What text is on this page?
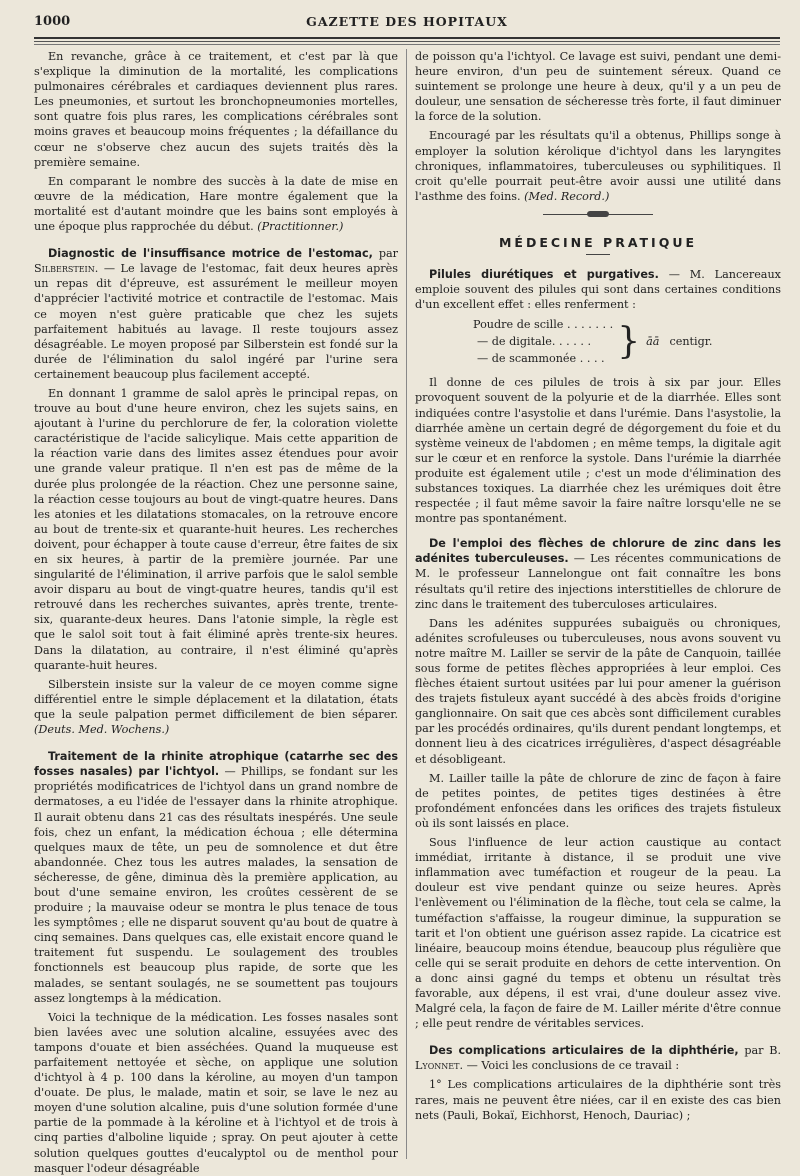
1000	GAZETTE DES HOPITAUX

En revanche, grâce à ce traitement, et c'est par là que s'explique la diminution de la mortalité, les complications pulmonaires cérébrales et cardiaques deviennent plus rares. Les pneumonies, et surtout les bronchopneumonies mortelles, sont quatre fois plus rares, les complications cérébrales sont moins graves et beaucoup moins fréquentes ; la défaillance du cœur ne s'observe chez aucun des sujets traités dès la première semaine.

En comparant le nombre des succès à la date de mise en œuvre de la médication, Hare montre également que la mortalité est d'autant moindre que les bains sont employés à une époque plus rapprochée du début. (Practitionner.)

Diagnostic de l'insuffisance motrice de l'estomac, par Silberstein. — Le lavage de l'estomac, fait deux heures après un repas dit d'épreuve, est assurément le meilleur moyen d'apprécier l'activité motrice et contractile de l'estomac. Mais ce moyen n'est guère praticable que chez les sujets parfaitement habitués au lavage. Il reste toujours assez désagréable. Le moyen proposé par Silberstein est fondé sur la durée de l'élimination du salol ingéré par l'urine sera certainement beaucoup plus facilement accepté.

En donnant 1 gramme de salol après le principal repas, on trouve au bout d'une heure environ, chez les sujets sains, en ajoutant à l'urine du perchlorure de fer, la coloration violette caractéristique de l'acide salicylique. Mais cette apparition de la réaction varie dans des limites assez étendues pour avoir une grande valeur pratique. Il n'en est pas de même de la durée plus prolongée de la réaction. Chez une personne saine, la réaction cesse toujours au bout de vingt-quatre heures. Dans les atonies et les dilatations stomacales, on la retrouve encore au bout de trente-six et quarante-huit heures. Les recherches doivent, pour échapper à toute cause d'erreur, être faites de six en six heures, à partir de la première journée. Par une singularité de l'élimination, il arrive parfois que le salol semble avoir disparu au bout de vingt-quatre heures, tandis qu'il est retrouvé dans les recherches suivantes, après trente, trente-six, quarante-deux heures. Dans l'atonie simple, la règle est que le salol soit tout à fait éliminé après trente-six heures. Dans la dilatation, au contraire, il n'est éliminé qu'après quarante-huit heures.

Silberstein insiste sur la valeur de ce moyen comme signe différentiel entre le simple déplacement et la dilatation, états que la seule palpation permet difficilement de bien séparer. (Deuts. Med. Wochens.)

Traitement de la rhinite atrophique (catarrhe sec des fosses nasales) par l'ichtyol. — Phillips, se fondant sur les propriétés modificatrices de l'ichtyol dans un grand nombre de dermatoses, a eu l'idée de l'essayer dans la rhinite atrophique. Il aurait obtenu dans 21 cas des résultats inespérés. Une seule fois, chez un enfant, la médication échoua ; elle détermina quelques maux de tête, un peu de somnolence et dut être abandonnée. Chez tous les autres malades, la sensation de sécheresse, de gêne, diminua dès la première application, au bout d'une semaine environ, les croûtes cessèrent de se produire ; la mauvaise odeur se montra le plus tenace de tous les symptômes ; elle ne disparut souvent qu'au bout de quatre à cinq semaines. Dans quelques cas, elle existait encore quand le traitement fut suspendu. Le soulagement des troubles fonctionnels est beaucoup plus rapide, de sorte que les malades, se sentant soulagés, ne se soumettent pas toujours assez longtemps à la médication.

Voici la technique de la médication. Les fosses nasales sont bien lavées avec une solution alcaline, essuyées avec des tampons d'ouate et bien asséchées. Quand la muqueuse est parfaitement nettoyée et sèche, on applique une solution d'ichtyol à 4 p. 100 dans la kéroline, au moyen d'un tampon d'ouate. De plus, le malade, matin et soir, se lave le nez au moyen d'une solution alcaline, puis d'une solution formée d'une partie de la pommade à la kéroline et à l'ichtyol et de trois à cinq parties d'alboline liquide ; spray. On peut ajouter à cette solution quelques gouttes d'eucalyptol ou de menthol pour masquer l'odeur désagréable

de poisson qu'a l'ichtyol. Ce lavage est suivi, pendant une demi-heure environ, d'un peu de suintement séreux. Quand ce suintement se prolonge une heure à deux, qu'il y a un peu de douleur, une sensation de sécheresse très forte, il faut diminuer la force de la solution.

Encouragé par les résultats qu'il a obtenus, Phillips songe à employer la solution kérolique d'ichtyol dans les laryngites chroniques, inflammatoires, tuberculeuses ou syphilitiques. Il croit qu'elle pourrait peut-être avoir aussi une utilité dans l'asthme des foins. (Med. Record.)

MÉDECINE PRATIQUE

Pilules diurétiques et purgatives. — M. Lancereaux emploie souvent des pilules qui sont dans certaines conditions d'un excellent effet : elles renferment :

Poudre de scille . . . . . . .
— de digitale. . . . . .
— de scammonée . . . . } āā centigr.

Il donne de ces pilules de trois à six par jour. Elles provoquent souvent de la polyurie et de la diarrhée. Elles sont indiquées contre l'asystolie et dans l'urémie. Dans l'asystolie, la diarrhée amène un certain degré de dégorgement du foie et du système veineux de l'abdomen ; en même temps, la digitale agit sur le cœur et en renforce la systole. Dans l'urémie la diarrhée produite est également utile ; c'est un mode d'élimination des substances toxiques. La diarrhée chez les urémiques doit être respectée ; il faut même savoir la faire naître lorsqu'elle ne se montre pas spontanément.

De l'emploi des flèches de chlorure de zinc dans les adénites tuberculeuses. — Les récentes communications de M. le professeur Lannelongue ont fait connaître les bons résultats qu'il retire des injections interstitielles de chlorure de zinc dans le traitement des tuberculoses articulaires.

Dans les adénites suppurées subaiguës ou chroniques, adénites scrofuleuses ou tuberculeuses, nous avons souvent vu notre maître M. Lailler se servir de la pâte de Canquoin, taillée sous forme de petites flèches appropriées à leur emploi. Ces flèches étaient surtout usitées par lui pour amener la guérison des trajets fistuleux ayant succédé à des abcès froids d'origine ganglionnaire. On sait que ces abcès sont difficilement curables par les procédés ordinaires, qu'ils durent pendant longtemps, et donnent lieu à des cicatrices irrégulières, d'aspect désagréable et désobligeant.

M. Lailler taille la pâte de chlorure de zinc de façon à faire de petites pointes, de petites tiges destinées à être profondément enfoncées dans les orifices des trajets fistuleux où ils sont laissés en place.

Sous l'influence de leur action caustique au contact immédiat, irritante à distance, il se produit une vive inflammation avec tuméfaction et rougeur de la peau. La douleur est vive pendant quinze ou seize heures. Après l'enlèvement ou l'élimination de la flèche, tout cela se calme, la tuméfaction s'affaisse, la rougeur diminue, la suppuration se tarit et l'on obtient une guérison assez rapide. La cicatrice est linéaire, beaucoup moins étendue, beaucoup plus régulière que celle qui se serait produite en dehors de cette intervention. On a donc ainsi gagné du temps et obtenu un résultat très favorable, aux dépens, il est vrai, d'une douleur assez vive. Malgré cela, la façon de faire de M. Lailler mérite d'être connue ; elle peut rendre de véritables services.

Des complications articulaires de la diphthérie, par B. Lyonnet. — Voici les conclusions de ce travail :

1° Les complications articulaires de la diphthérie sont très rares, mais ne peuvent être niées, car il en existe des cas bien nets (Pauli, Bokaï, Eichhorst, Henoch, Dauriac) ;
